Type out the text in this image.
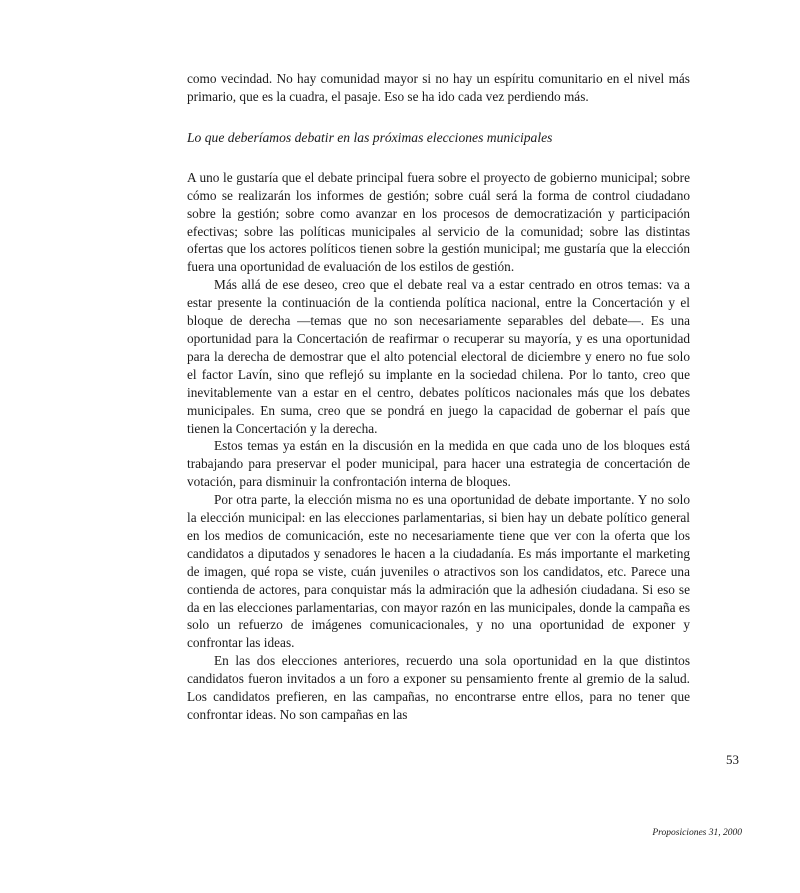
como vecindad. No hay comunidad mayor si no hay un espíritu comunitario en el nivel más primario, que es la cuadra, el pasaje. Eso se ha ido cada vez perdiendo más.

Lo que deberíamos debatir en las próximas elecciones municipales

A uno le gustaría que el debate principal fuera sobre el proyecto de gobierno municipal; sobre cómo se realizarán los informes de gestión; sobre cuál será la forma de control ciudadano sobre la gestión; sobre como avanzar en los procesos de democratización y participación efectivas; sobre las políticas municipales al servicio de la comunidad; sobre las distintas ofertas que los actores políticos tienen sobre la gestión municipal; me gustaría que la elección fuera una oportunidad de evaluación de los estilos de gestión.

Más allá de ese deseo, creo que el debate real va a estar centrado en otros temas: va a estar presente la continuación de la contienda política nacional, entre la Concertación y el bloque de derecha —temas que no son necesariamente separables del debate—. Es una oportunidad para la Concertación de reafirmar o recuperar su mayoría, y es una oportunidad para la derecha de demostrar que el alto potencial electoral de diciembre y enero no fue solo el factor Lavín, sino que reflejó su implante en la sociedad chilena. Por lo tanto, creo que inevitablemente van a estar en el centro, debates políticos nacionales más que los debates municipales. En suma, creo que se pondrá en juego la capacidad de gobernar el país que tienen la Concertación y la derecha.

Estos temas ya están en la discusión en la medida en que cada uno de los bloques está trabajando para preservar el poder municipal, para hacer una estrategia de concertación de votación, para disminuir la confrontación interna de bloques.

Por otra parte, la elección misma no es una oportunidad de debate importante. Y no solo la elección municipal: en las elecciones parlamentarias, si bien hay un debate político general en los medios de comunicación, este no necesariamente tiene que ver con la oferta que los candidatos a diputados y senadores le hacen a la ciudadanía. Es más importante el marketing de imagen, qué ropa se viste, cuán juveniles o atractivos son los candidatos, etc. Parece una contienda de actores, para conquistar más la admiración que la adhesión ciudadana. Si eso se da en las elecciones parlamentarias, con mayor razón en las municipales, donde la campaña es solo un refuerzo de imágenes comunicacionales, y no una oportunidad de exponer y confrontar las ideas.

En las dos elecciones anteriores, recuerdo una sola oportunidad en la que distintos candidatos fueron invitados a un foro a exponer su pensamiento frente al gremio de la salud. Los candidatos prefieren, en las campañas, no encontrarse entre ellos, para no tener que confrontar ideas. No son campañas en las

53
Proposiciones 31, 2000
